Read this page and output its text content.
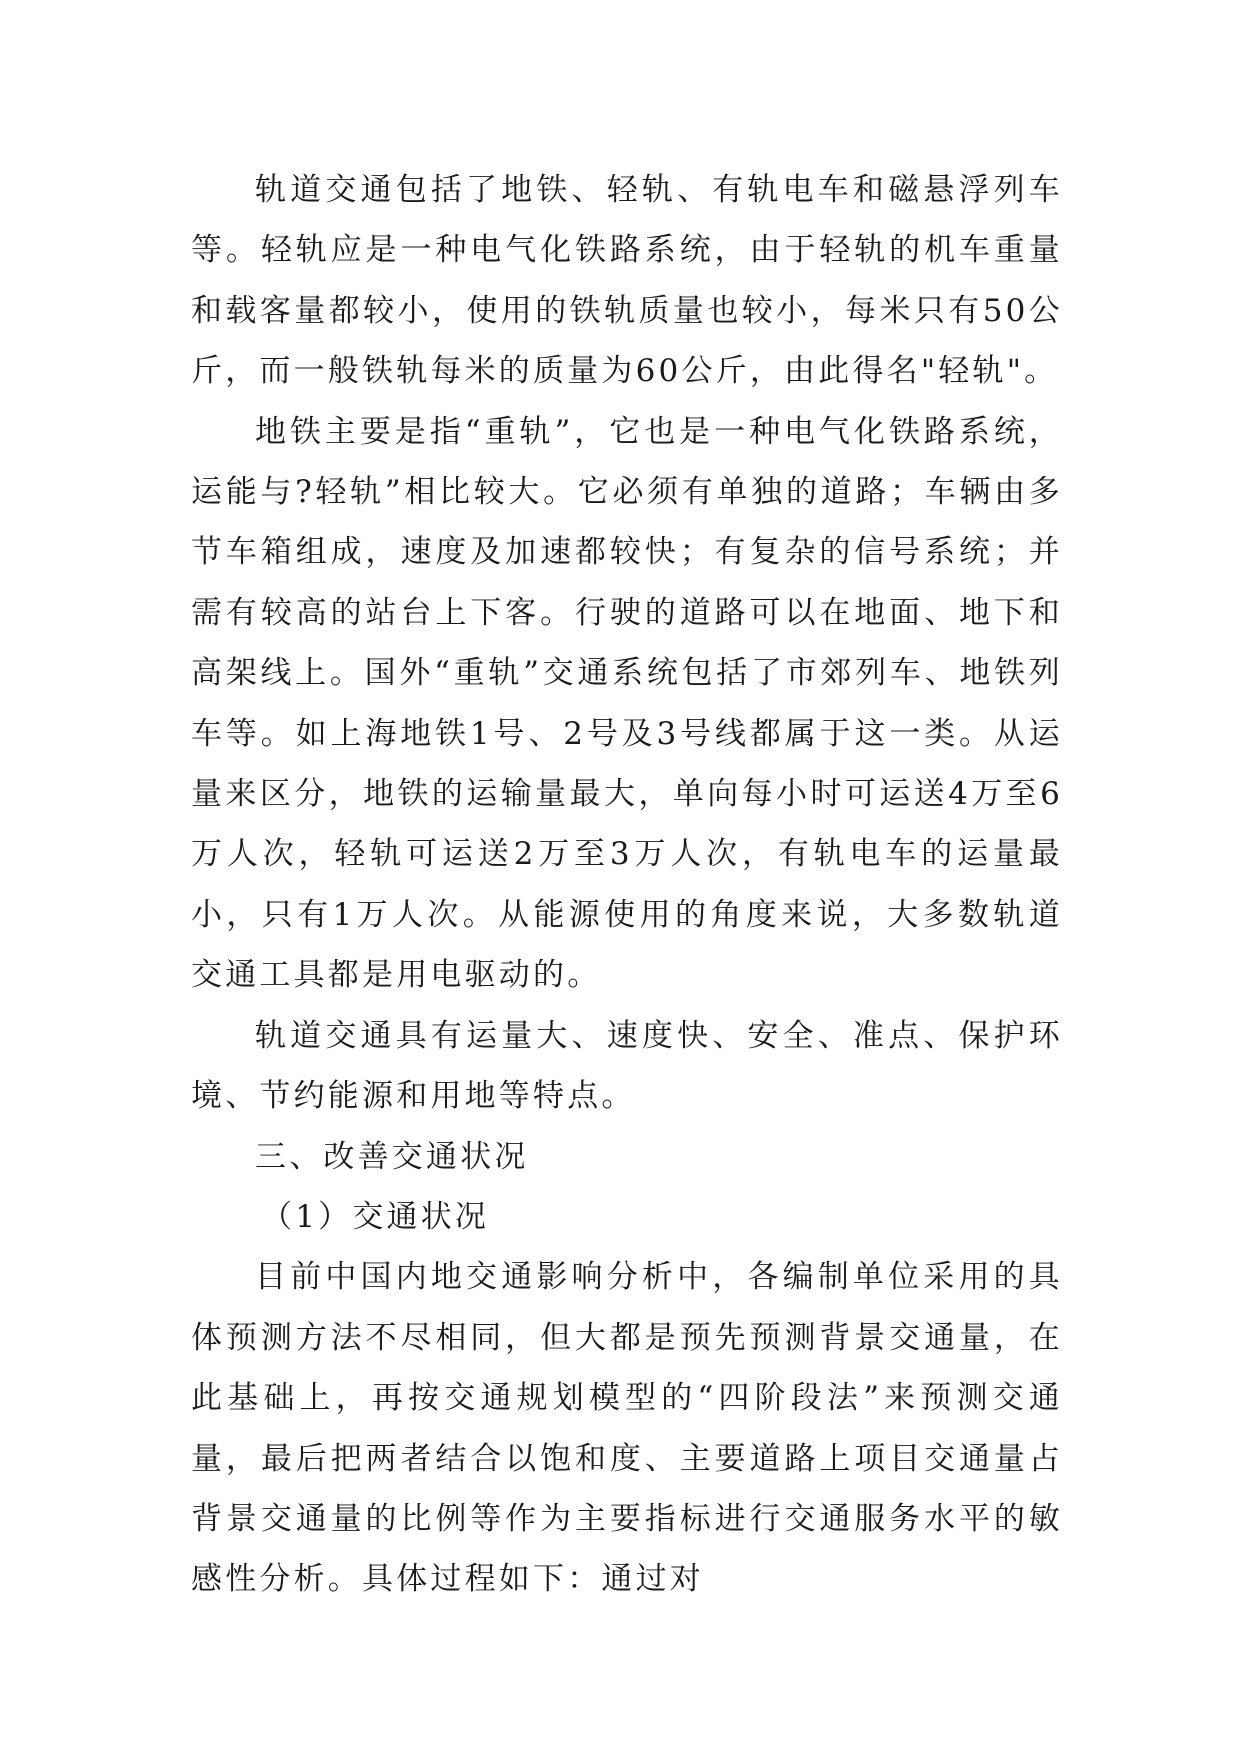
轨道交通包括了地铁、轻轨、有轨电车和磁悬浮列车等。轻轨应是一种电气化铁路系统，由于轻轨的机车重量和载客量都较小，使用的铁轨质量也较小，每米只有50公斤，而一般铁轨每米的质量为60公斤，由此得名"轻轨"。

地铁主要是指“重轨”，它也是一种电气化铁路系统，运能与?轻轨”相比较大。它必须有单独的道路；车辆由多节车箱组成，速度及加速都较快；有复杂的信号系统；并需有较高的站台上下客。行驶的道路可以在地面、地下和高架线上。国外“重轨”交通系统包括了市郊列车、地铁列车等。如上海地铁1号、2号及3号线都属于这一类。从运量来区分，地铁的运输量最大，单向每小时可运送4万至6万人次，轻轨可运送2万至3万人次，有轨电车的运量最小，只有1万人次。从能源使用的角度来说，大多数轨道交通工具都是用电驱动的。

轨道交通具有运量大、速度快、安全、准点、保护环境、节约能源和用地等特点。

三、改善交通状况

（1）交通状况

目前中国内地交通影响分析中，各编制单位采用的具体预测方法不尽相同，但大都是预先预测背景交通量，在此基础上，再按交通规划模型的“四阶段法”来预测交通量，最后把两者结合以饱和度、主要道路上项目交通量占背景交通量的比例等作为主要指标进行交通服务水平的敏感性分析。具体过程如下：通过对
